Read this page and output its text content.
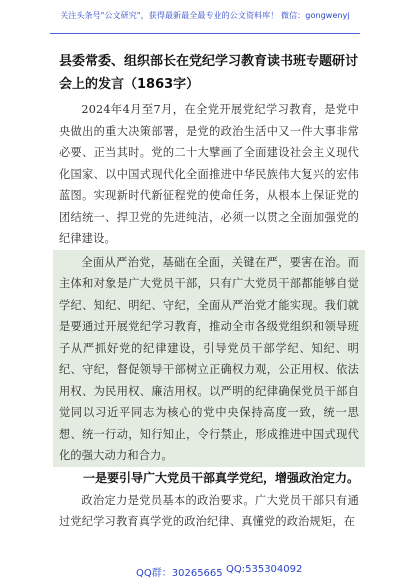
关注头条号"公文研究"，获得最新最全最专业的公文资料库！ 微信：gongwenyj
县委常委、组织部长在党纪学习教育读书班专题研讨会上的发言（1863字）

2024年4月至7月，在全党开展党纪学习教育，是党中央做出的重大决策部署，是党的政治生活中又一件大事非常必要、正当其时。党的二十大擘画了全面建设社会主义现代化国家、以中国式现代化全面推进中华民族伟大复兴的宏伟蓝图。实现新时代新征程党的使命任务，从根本上保证党的团结统一、捍卫党的先进纯洁，必须一以贯之全面加强党的纪律建设。

全面从严治党，基础在全面，关键在严，要害在治。而主体和对象是广大党员干部，只有广大党员干部都能够自觉学纪、知纪、明纪、守纪，全面从严治党才能实现。我们就是要通过开展党纪学习教育，推动全市各级党组织和领导班子从严抓好党的纪律建设，引导党员干部学纪、知纪、明纪、守纪，督促领导干部树立正确权力观，公正用权、依法用权、为民用权、廉洁用权。以严明的纪律确保党员干部自觉同以习近平同志为核心的党中央保持高度一致，统一思想、统一行动，知行知止，令行禁止，形成推进中国式现代化的强大动力和合力。

一是要引导广大党员干部真学党纪，增强政治定力。

政治定力是党员基本的政治要求。广大党员干部只有通过党纪学习教育真学党的政治纪律、真懂党的政治规矩，在

QQ群：30265665 QQ:535304092
